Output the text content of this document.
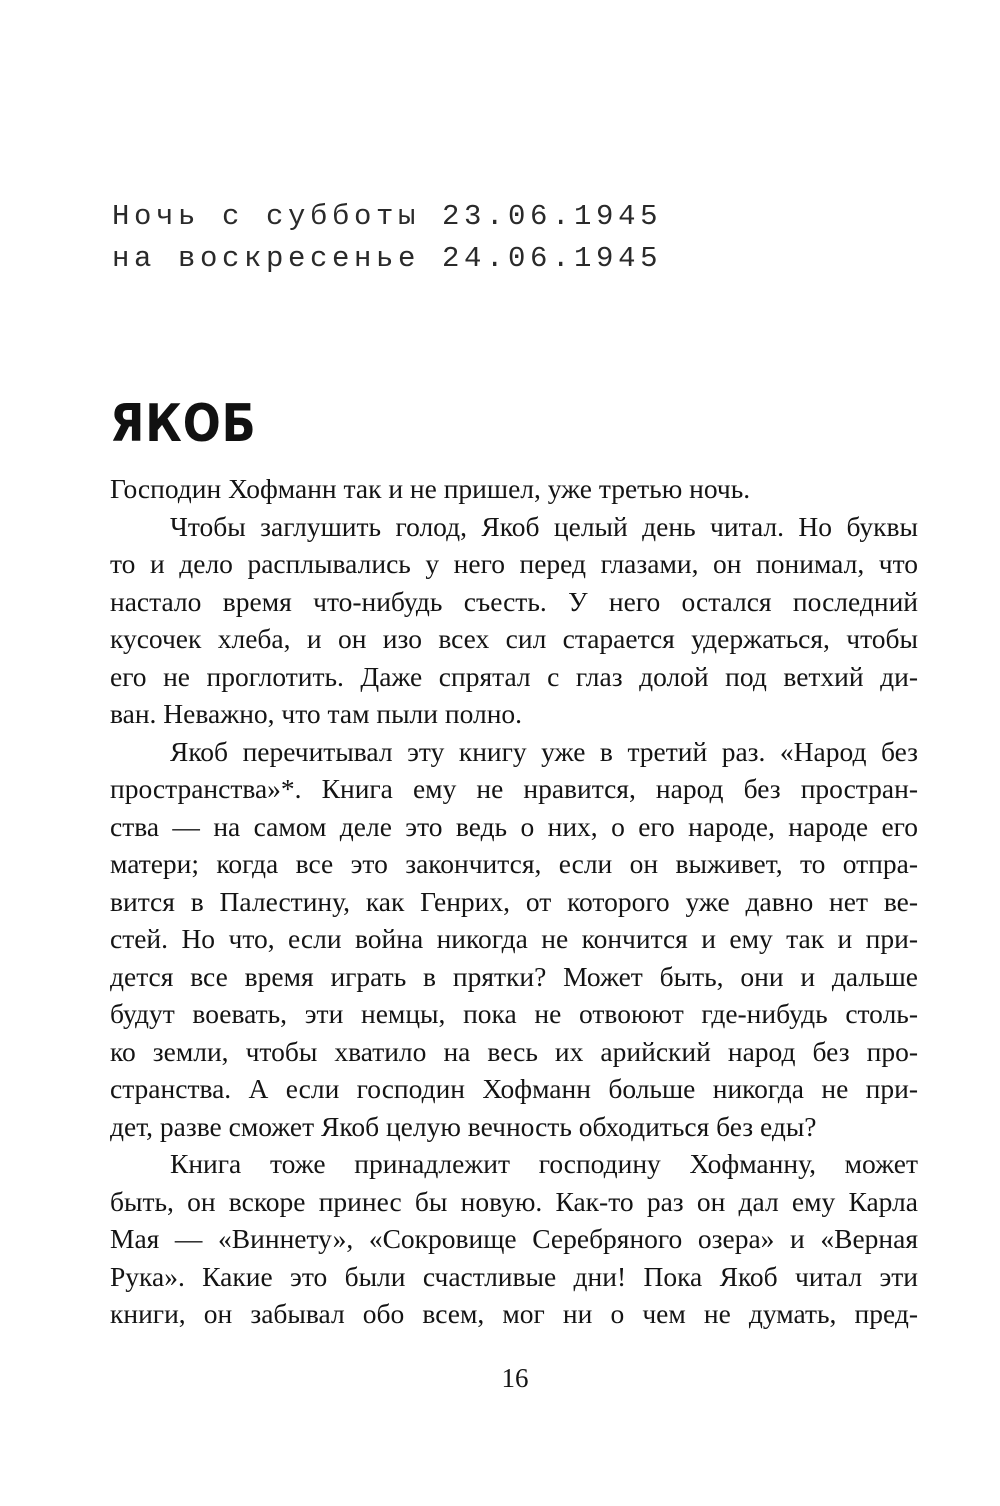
Ночь с субботы 23.06.1945
на воскресенье 24.06.1945
ЯКОБ
Господин Хофманн так и не пришел, уже третью ночь.
Чтобы заглушить голод, Якоб целый день читал. Но буквы
то и дело расплывались у него перед глазами, он понимал, что
настало время что-нибудь съесть. У него остался последний
кусочек хлеба, и он изо всех сил старается удержаться, чтобы
его не проглотить. Даже спрятал с глаз долой под ветхий ди-
ван. Неважно, что там пыли полно.
Якоб перечитывал эту книгу уже в третий раз. «Народ без
пространства»*. Книга ему не нравится, народ без простран-
ства — на самом деле это ведь о них, о его народе, народе его
матери; когда все это закончится, если он выживет, то отпра-
вится в Палестину, как Генрих, от которого уже давно нет ве-
стей. Но что, если война никогда не кончится и ему так и при-
дется все время играть в прятки? Может быть, они и дальше
будут воевать, эти немцы, пока не отвоюют где-нибудь столь-
ко земли, чтобы хватило на весь их арийский народ без про-
странства. А если господин Хофманн больше никогда не при-
дет, разве сможет Якоб целую вечность обходиться без еды?
Книга тоже принадлежит господину Хофманну, может
быть, он вскоре принес бы новую. Как-то раз он дал ему Карла
Мая — «Виннету», «Сокровище Серебряного озера» и «Верная
Рука». Какие это были счастливые дни! Пока Якоб читал эти
книги, он забывал обо всем, мог ни о чем не думать, пред-
16
